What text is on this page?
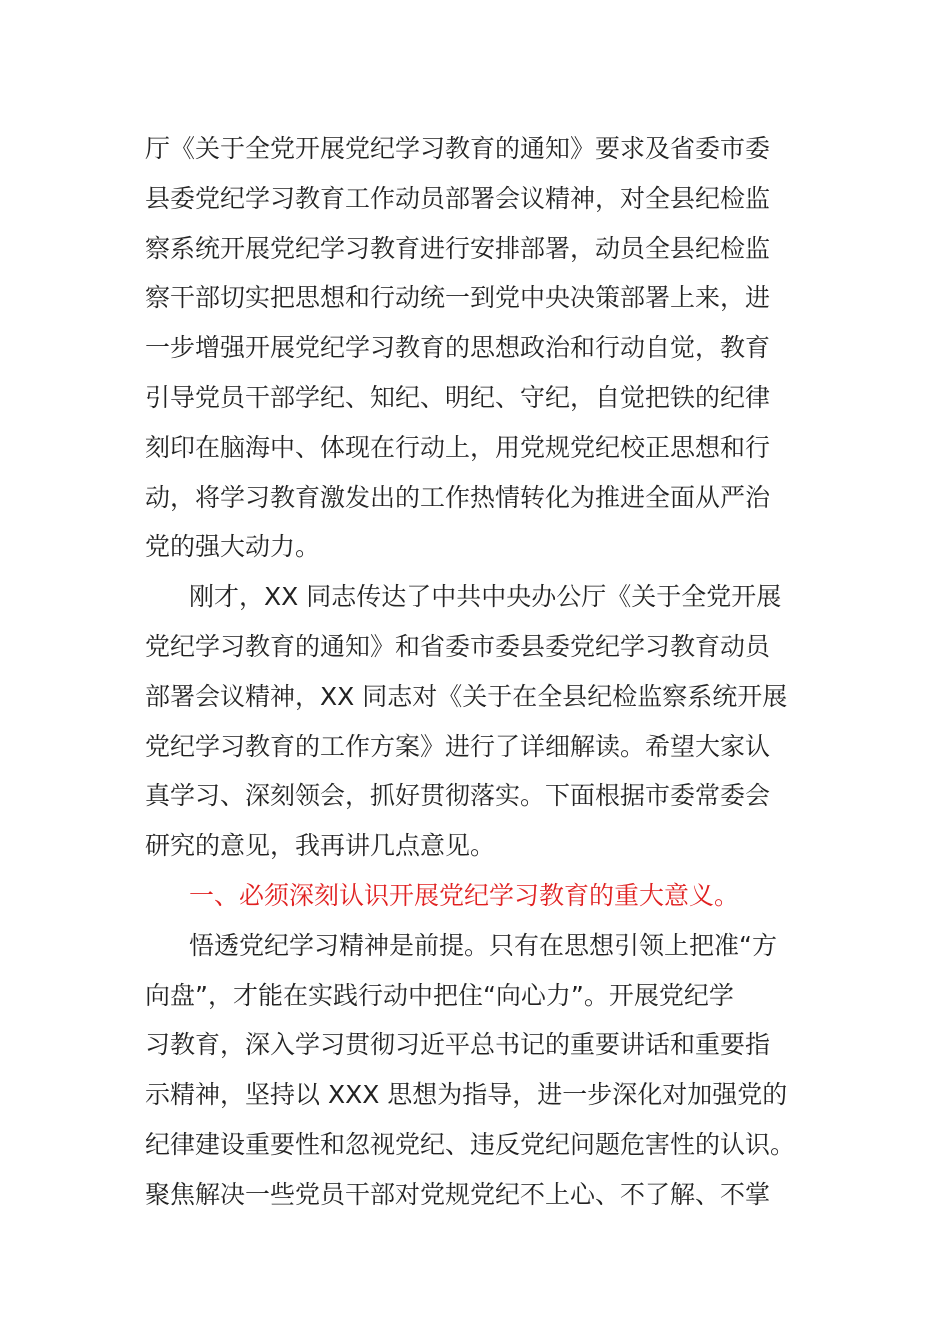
厅《关于全党开展党纪学习教育的通知》要求及省委市委
县委党纪学习教育工作动员部署会议精神，对全县纪检监
察系统开展党纪学习教育进行安排部署，动员全县纪检监
察干部切实把思想和行动统一到党中央决策部署上来，进
一步增强开展党纪学习教育的思想政治和行动自觉，教育
引导党员干部学纪、知纪、明纪、守纪，自觉把铁的纪律
刻印在脑海中、体现在行动上，用党规党纪校正思想和行
动，将学习教育激发出的工作热情转化为推进全面从严治
党的强大动力。
刚才，XX 同志传达了中共中央办公厅《关于全党开展
党纪学习教育的通知》和省委市委县委党纪学习教育动员
部署会议精神，XX 同志对《关于在全县纪检监察系统开展
党纪学习教育的工作方案》进行了详细解读。希望大家认
真学习、深刻领会，抓好贯彻落实。下面根据市委常委会
研究的意见，我再讲几点意见。
一、必须深刻认识开展党纪学习教育的重大意义。
悟透党纪学习精神是前提。只有在思想引领上把准“方
向盘”，才能在实践行动中把住“向心力”。开展党纪学
习教育，深入学习贯彻习近平总书记的重要讲话和重要指
示精神，坚持以 XXX 思想为指导，进一步深化对加强党的
纪律建设重要性和忽视党纪、违反党纪问题危害性的认识。
聚焦解决一些党员干部对党规党纪不上心、不了解、不掌
